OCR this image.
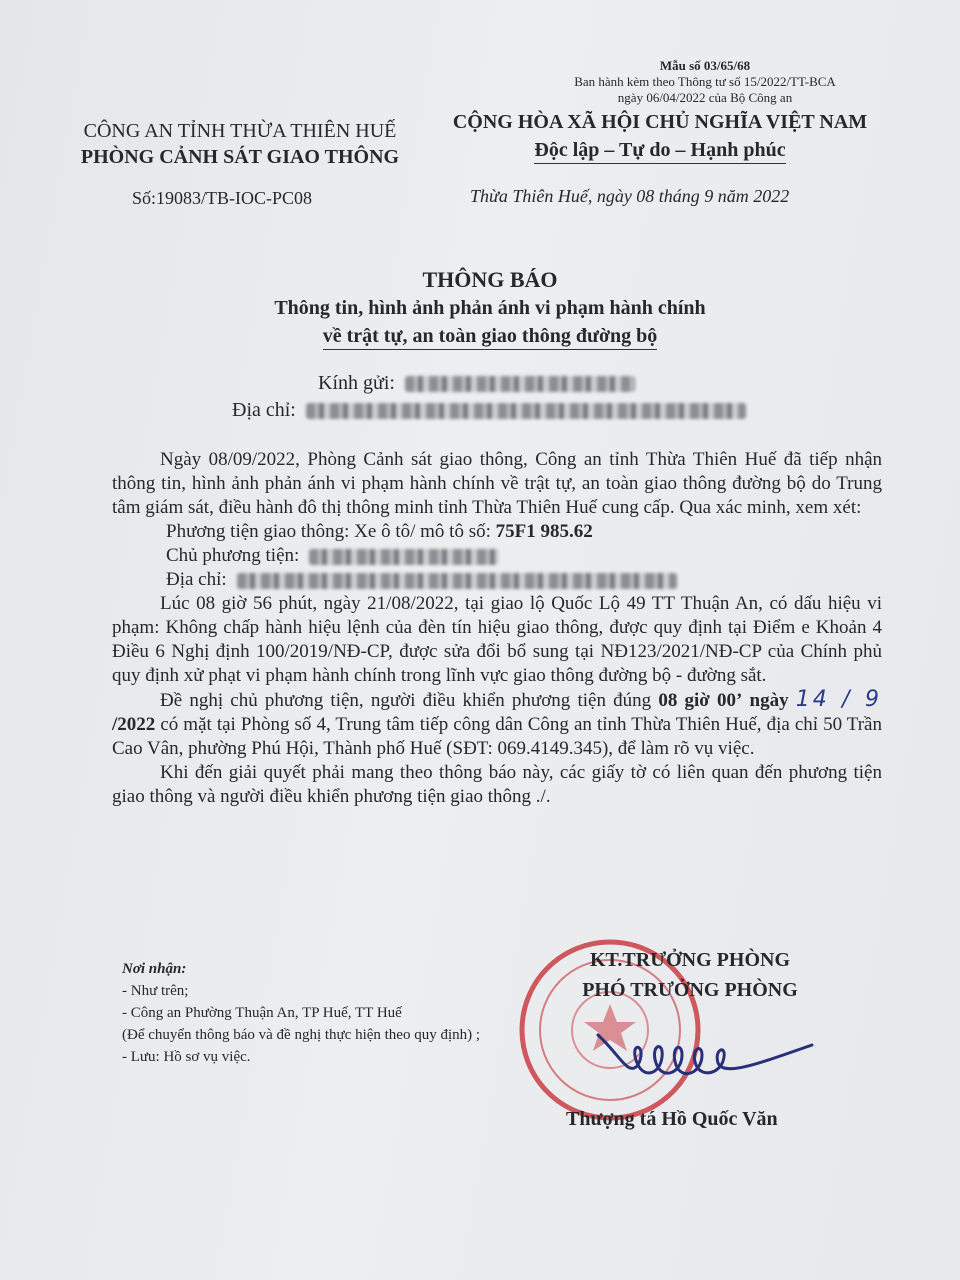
Mẫu số 03/65/68
Ban hành kèm theo Thông tư số 15/2022/TT-BCA
ngày 06/04/2022 của Bộ Công an
CÔNG AN TỈNH THỪA THIÊN HUẾ
PHÒNG CẢNH SÁT GIAO THÔNG
CỘNG HÒA XÃ HỘI CHỦ NGHĨA VIỆT NAM
Độc lập – Tự do – Hạnh phúc
Số:19083/TB-IOC-PC08	Thừa Thiên Huế, ngày 08 tháng 9 năm 2022
THÔNG BÁO
Thông tin, hình ảnh phản ánh vi phạm hành chính
về trật tự, an toàn giao thông đường bộ
Kính gửi:
Địa chỉ:

Ngày 08/09/2022, Phòng Cảnh sát giao thông, Công an tỉnh Thừa Thiên Huế đã tiếp nhận thông tin, hình ảnh phản ánh vi phạm hành chính về trật tự, an toàn giao thông đường bộ do Trung tâm giám sát, điều hành đô thị thông minh tỉnh Thừa Thiên Huế cung cấp. Qua xác minh, xem xét:

Phương tiện giao thông: Xe ô tô/ mô tô số: 75F1 985.62

Chủ phương tiện:

Địa chỉ:

Lúc 08 giờ 56 phút, ngày 21/08/2022, tại giao lộ Quốc Lộ 49 TT Thuận An, có dấu hiệu vi phạm: Không chấp hành hiệu lệnh của đèn tín hiệu giao thông, được quy định tại Điểm e Khoản 4 Điều 6 Nghị định 100/2019/NĐ-CP, được sửa đổi bổ sung tại NĐ123/2021/NĐ-CP của Chính phủ quy định xử phạt vi phạm hành chính trong lĩnh vực giao thông đường bộ - đường sắt.

Đề nghị chủ phương tiện, người điều khiển phương tiện đúng 08 giờ 00’ ngày 14 / 9 /2022 có mặt tại Phòng số 4, Trung tâm tiếp công dân Công an tỉnh Thừa Thiên Huế, địa chỉ 50 Trần Cao Vân, phường Phú Hội, Thành phố Huế (SĐT: 069.4149.345), để làm rõ vụ việc.

Khi đến giải quyết phải mang theo thông báo này, các giấy tờ có liên quan đến phương tiện giao thông và người điều khiển phương tiện giao thông ./.

Nơi nhận:

- Như trên;

- Công an Phường Thuận An, TP Huế, TT Huế

(Để chuyển thông báo và đề nghị thực hiện theo quy định) ;

- Lưu: Hồ sơ vụ việc.

KT.TRƯỞNG PHÒNG
PHÓ TRƯỞNG PHÒNG
Thượng tá Hồ Quốc Văn
